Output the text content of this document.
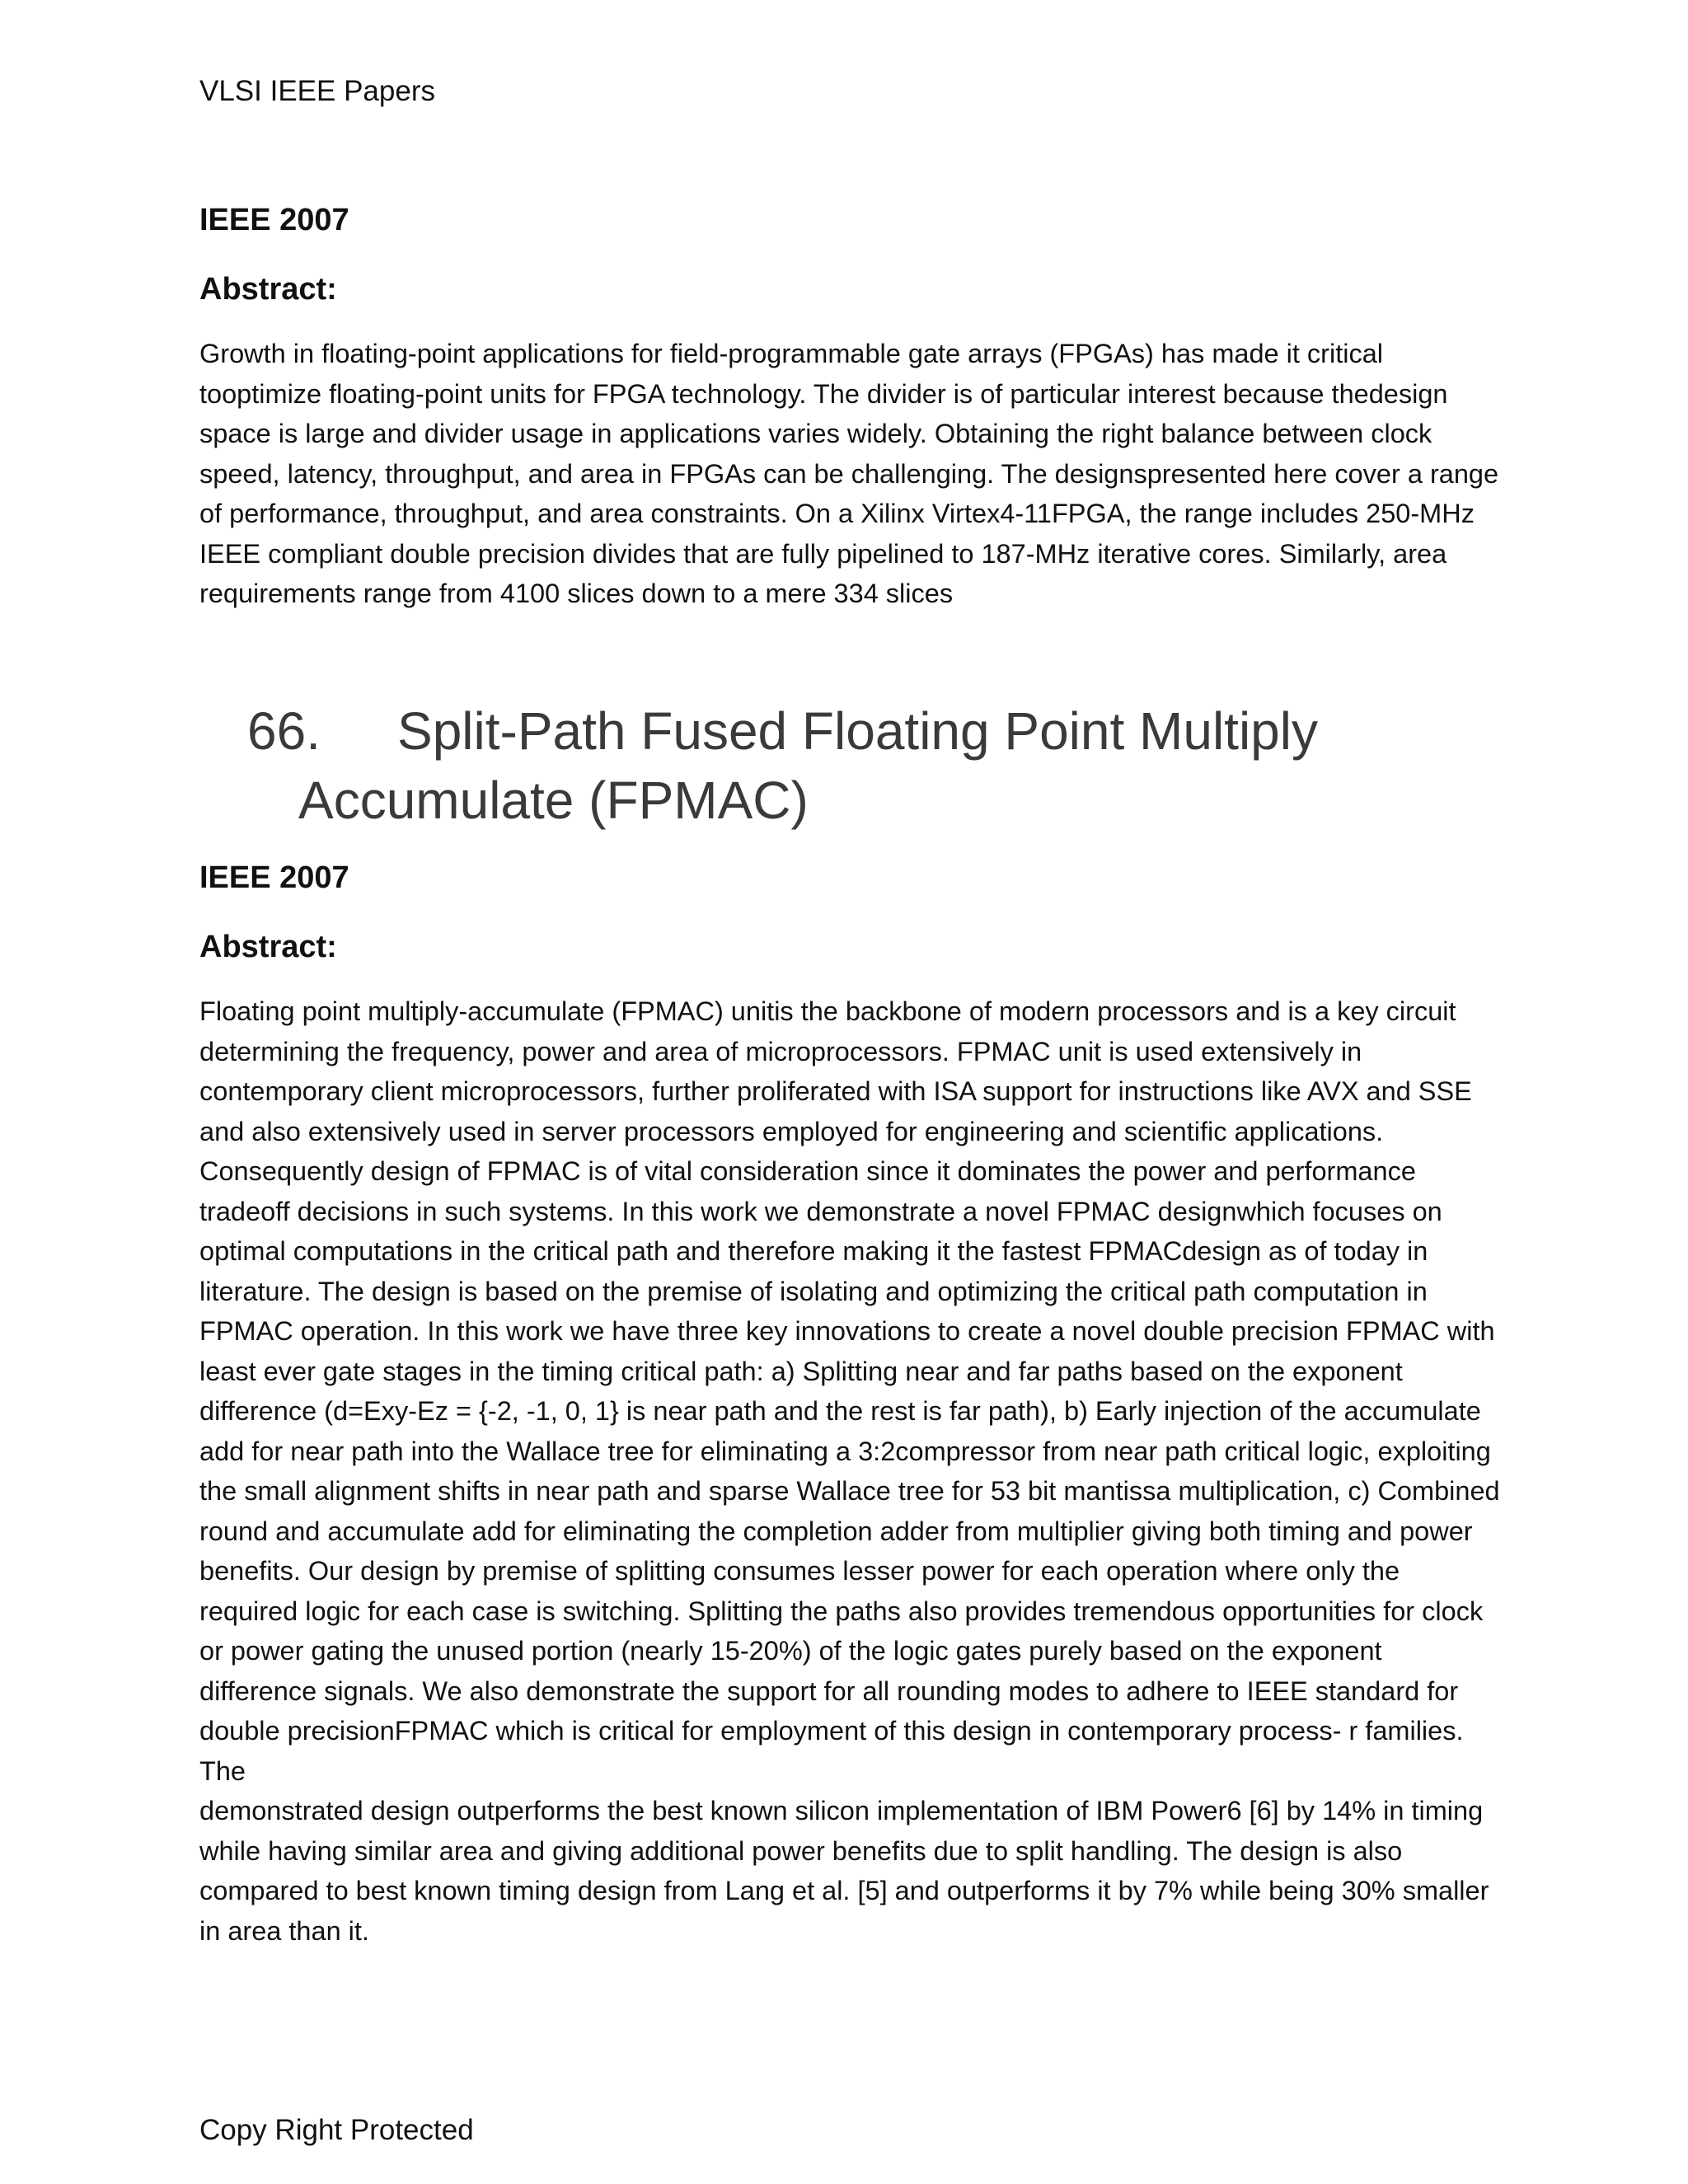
VLSI IEEE Papers

IEEE 2007

Abstract:

Growth in floating-point applications for field-programmable gate arrays (FPGAs) has made it critical tooptimize floating-point units for FPGA technology. The divider is of particular interest because thedesign space is large and divider usage in applications varies widely. Obtaining the right balance between clock speed, latency, throughput, and area in FPGAs can be challenging. The designspresented here cover a range of performance, throughput, and area constraints. On a Xilinx Virtex4-11FPGA, the range includes 250-MHz IEEE compliant double precision divides that are fully pipelined to 187-MHz iterative cores. Similarly, area requirements range from 4100 slices down to a mere 334 slices

66. Split-Path Fused Floating Point Multiply
Accumulate (FPMAC)

IEEE 2007

Abstract:

Floating point multiply-accumulate (FPMAC) unitis the backbone of modern processors and is a key circuit determining the frequency, power and area of microprocessors. FPMAC unit is used extensively in contemporary client microprocessors, further proliferated with ISA support for instructions like AVX and SSE and also extensively used in server processors employed for engineering and scientific applications. Consequently design of FPMAC is of vital consideration since it dominates the power and performance tradeoff decisions in such systems. In this work we demonstrate a novel FPMAC designwhich focuses on optimal computations in the critical path and therefore making it the fastest FPMACdesign as of today in literature. The design is based on the premise of isolating and optimizing the critical path computation in FPMAC operation. In this work we have three key innovations to create a novel double precision FPMAC with least ever gate stages in the timing critical path: a) Splitting near and far paths based on the exponent difference (d=Exy-Ez = {-2, -1, 0, 1} is near path and the rest is far path), b) Early injection of the accumulate add for near path into the Wallace tree for eliminating a 3:2compressor from near path critical logic, exploiting the small alignment shifts in near path and sparse Wallace tree for 53 bit mantissa multiplication, c) Combined round and accumulate add for eliminating the completion adder from multiplier giving both timing and power benefits. Our design by premise of splitting consumes lesser power for each operation where only the required logic for each case is switching. Splitting the paths also provides tremendous opportunities for clock or power gating the unused portion (nearly 15-20%) of the logic gates purely based on the exponent difference signals. We also demonstrate the support for all rounding modes to adhere to IEEE standard for double precisionFPMAC which is critical for employment of this design in contemporary process- r families. The

demonstrated design outperforms the best known silicon implementation of IBM Power6 [6] by 14% in timing while having similar area and giving additional power benefits due to split handling. The design is also compared to best known timing design from Lang et al. [5] and outperforms it by 7% while being 30% smaller in area than it.

Copy Right Protected
